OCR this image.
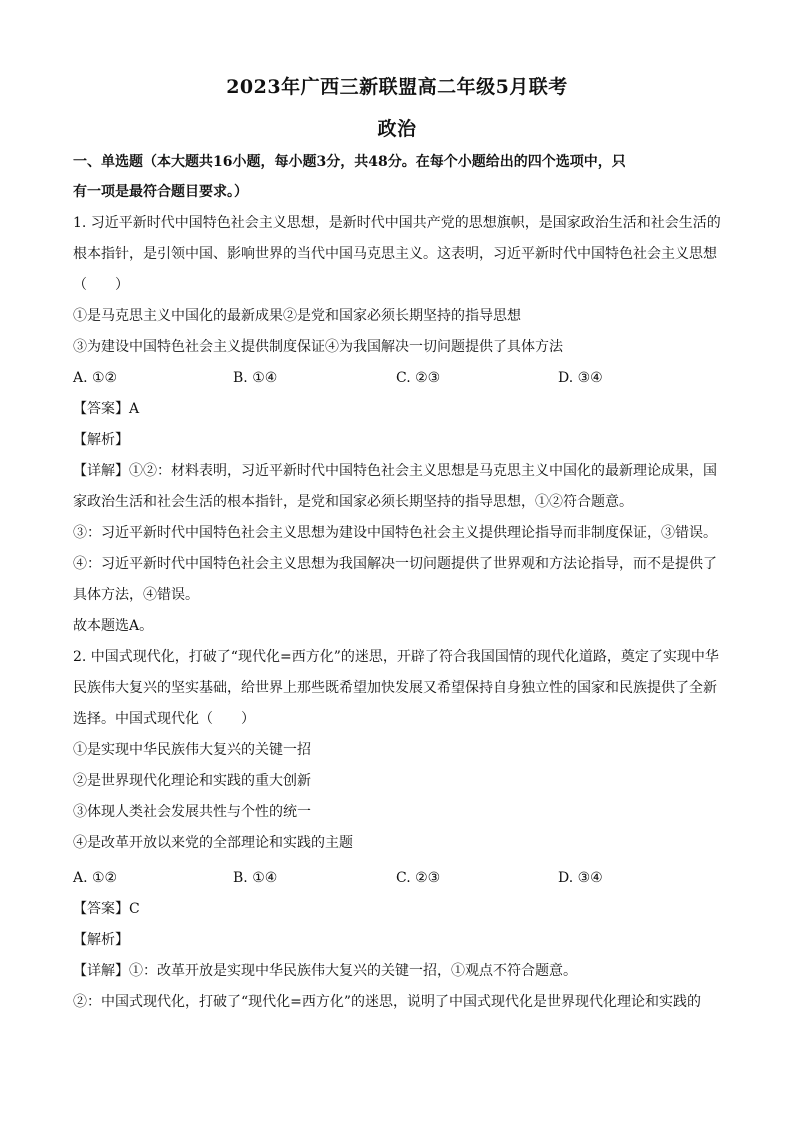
2023年广西三新联盟高二年级5月联考
政治
一、单选题（本大题共16小题，每小题3分，共48分。在每个小题给出的四个选项中，只
有一项是最符合题目要求。）
1. 习近平新时代中国特色社会主义思想，是新时代中国共产党的思想旗帜，是国家政治生活和社会生活的
根本指针，是引领中国、影响世界的当代中国马克思主义。这表明，习近平新时代中国特色社会主义思想
（　　）
①是马克思主义中国化的最新成果②是党和国家必须长期坚持的指导思想
③为建设中国特色社会主义提供制度保证④为我国解决一切问题提供了具体方法
A. ①②	B. ①④	C. ②③	D. ③④
【答案】A
【解析】
【详解】①②：材料表明，习近平新时代中国特色社会主义思想是马克思主义中国化的最新理论成果，国
家政治生活和社会生活的根本指针，是党和国家必须长期坚持的指导思想，①②符合题意。
③：习近平新时代中国特色社会主义思想为建设中国特色社会主义提供理论指导而非制度保证，③错误。
④：习近平新时代中国特色社会主义思想为我国解决一切问题提供了世界观和方法论指导，而不是提供了
具体方法，④错误。
故本题选A。
2. 中国式现代化，打破了“现代化=西方化”的迷思，开辟了符合我国国情的现代化道路，奠定了实现中华
民族伟大复兴的坚实基础，给世界上那些既希望加快发展又希望保持自身独立性的国家和民族提供了全新
选择。中国式现代化（　　）
①是实现中华民族伟大复兴的关键一招
②是世界现代化理论和实践的重大创新
③体现人类社会发展共性与个性的统一
④是改革开放以来党的全部理论和实践的主题
A. ①②	B. ①④	C. ②③	D. ③④
【答案】C
【解析】
【详解】①：改革开放是实现中华民族伟大复兴的关键一招，①观点不符合题意。
②：中国式现代化，打破了“现代化=西方化”的迷思，说明了中国式现代化是世界现代化理论和实践的
